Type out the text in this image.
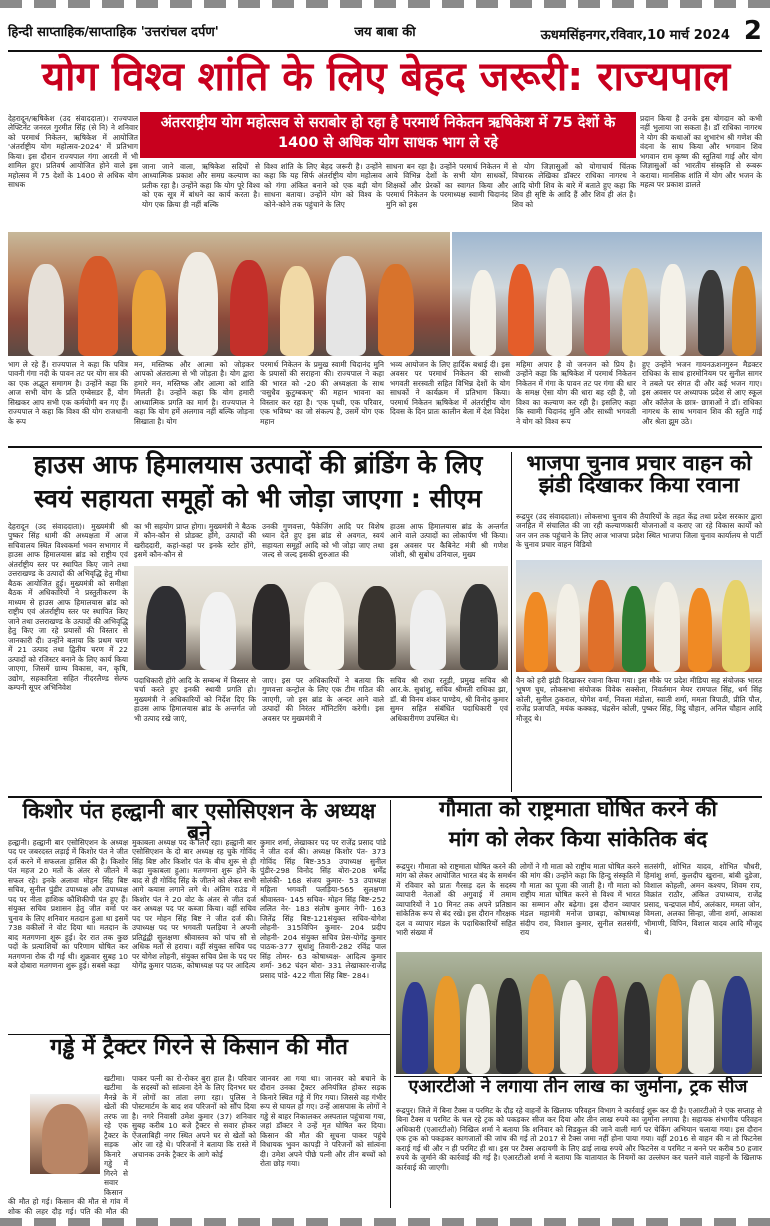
हिन्दी साप्ताहिक/साप्ताहिक 'उत्तरांचल दर्पण'	जय बाबा की	ऊधमसिंहनगर,रविवार,10 मार्च 2024 2
योग विश्व शांति के लिए बेहद जरूरी: राज्यपाल
देहरादून/ऋषिकेश (उद संवाददाता)। राज्यपाल लेफ्टिनेंट जनरल गुरमीत सिंह (से नि) ने शनिवार को परमार्थ निकेतन, ऋषिकेश में आयोजित 'अंतर्राष्ट्रीय योग महोत्सव-2024' में प्रतिभाग किया। इस दौरान राज्यपाल गंगा आरती में भी शामिल हुए। प्रतिवर्ष आयोजित होने वाले इस महोत्सव में 75 देशों के 1400 से अधिक योग साधक
अंतरराष्ट्रीय योग महोत्सव से सराबोर हो रहा है परमार्थ निकेतन ऋषिकेश में 75 देशों के 1400 से अधिक योग साधक भाग ले रहे
जाना जाने वाला, ऋषिकेश सदियों से आध्यात्मिक प्रकाश और समग्र कल्याण का प्रतीक रहा है। उन्होंने कहा कि योग पूरे विश्व को एक सूत्र में बांधने का कार्य करता है। योग एक क्रिया ही नहीं बल्कि
विश्व शांति के लिए बेहद जरूरी है। उन्होंने कहा कि यह सिर्फ अंतर्राष्ट्रीय योग महोत्सव को गंगा अंकित बनाने को एक बड़ी योग साधना बताया। उन्होंने योग को विश्व के कोने-कोने तक पहुंचाने के लिए
साधना बन रहा है। उन्होंने परमार्थ निकेतन में आये विभिन्न देशों के सभी योग साधकों, शिक्षकों और प्रेरकों का स्वागत किया और परमार्थ निकेतन के परमाध्यक्ष स्वामी चिदानंद मुनि को इस
से योग जिज्ञासुओं को योगाचार्य चिंतक विचारक लेखिका डॉक्टर राधिका नागरथ ने आदि योगी शिव के बारे में बताते हुए कहा कि शिव ही सृष्टि के आदि हैं और शिव ही अंत है। शिव को
प्रदान किया है उनके इस योगदान को कभी नहीं भुलाया जा सकता है। डॉ राधिका नागरथ ने योग की कथाओं का शुभारंभ श्री गणेश की वंदना के साथ किया और भगवान शिव भगवान राम कृष्ण की स्तुतियां गाई और योग जिज्ञासुओं को भारतीय संस्कृति से रूबरू कराया। मानसिक शांति में योग और भजन के महत्व पर प्रकाश डालते
भाग ले रहे हैं। राज्यपाल ने कहा कि पवित्र पावनी गंगा नदी के पावन तट पर योग सत्र की का एक अद्भुत समागम है। उन्होंने कहा कि आज सभी योग के प्रति एम्बेसडर हैं, योग सिखकर आप सभी एक कर्मयोगी बन गए हैं। राज्यपाल ने कहा कि विश्व की योग राजधानी के रूप
मन, मस्तिष्क और आत्मा को जोड़कर आपको अंतरात्मा से भी जोड़ता है। योग द्वारा हमारे मन, मस्तिष्क और आत्मा को शांति मिलती है। उन्होंने कहा कि योग हमारी आध्यात्मिक प्रगति का मार्ग है। राज्यपाल ने कहा कि योग हमें अलगाव नहीं बल्कि जोड़ना सिखाता है। योग
परमार्थ निकेतन के प्रमुख स्वामी चिदानंद मुनि के प्रयासों की सराहना की। राज्यपाल ने कहा की भारत को -20 की अध्यक्षता के साथ 'वसुधैव कुटुम्बकम्' की महान भावना का विस्तार कर रहा है। 'एक पृथ्वी, एक परिवार, एक भविष्य' का जो संकल्प है, उसमें योग एक महान
भव्य आयोजन के लिए हार्दिक बधाई दी। इस अवसर पर परमार्थ निकेतन की साध्वी भगवती सरस्वती सहित विभिन्न देशों के योग साधकों ने कार्यक्रम में प्रतिभाग किया। परमार्थ निकेतन ऋषिकेश में अंतर्राष्ट्रीय योग दिवस के दिन प्रातः कालीन बेला में देश विदेश
महिमा अपार है वो जनजन को प्रिय है। उन्होंने कहा कि ऋषिकेश में परमार्थ निकेतन निकेतन में गंगा के पावन तट पर गंगा की धार के समक्ष ऐसा योग की धारा बह रही है, जो विश्व का कल्याण कर रही है। इसलिए कहा कि स्वामी चिदानंद मुनि और साध्वी भगवती ने योग को विश्व रूप
हुए उन्होंने भजन गायनऊशनगुरुन मैडक्टर राधिका के साथ हारमोनियम पर सुनील सागर ने तबले पर संगत दी और कई भजन गाए। इस अवसर पर अध्यापक प्रदेश से आए स्कूल और कॉलेज के छात्र- छात्राओं ने डॉ। राधिका नागरथ के साथ भगवान शिव की स्तुति गाई और श्रेता झूम उठे।
हाउस आफ हिमालयास उत्पादों की ब्रांडिंग के लिए
स्वयं सहायता समूहों को भी जोड़ा जाएगा : सीएम
देहरादून (उद संवाददाता)। मुख्यमंत्री श्री पुष्कर सिंह धामी की अध्यक्षता में आज सचिवालय स्थित विश्वकर्मा भवन सभागार में हाउस आफ हिमालयास ब्रांड को राष्ट्रीय एवं अंतर्राष्ट्रीय स्तर पर स्थापित किए जाने तथा उत्तराखण्ड के उत्पादों की अभिवृद्धि हेतु मीथा बैठक आयोजित हुई। मुख्यमंत्री को समीक्षा बैठक में अधिकारियों ने प्रस्तुतीकरण के माध्यम से हाउस आफ हिमालयास ब्रांड को राष्ट्रीय एवं अंतर्राष्ट्रीय स्तर पर स्थापित किए जाने तथा उत्तराखण्ड के उत्पादों की अभिवृद्धि हेतु किए जा रहे प्रयासों की विस्तार से जानकारी दी। उन्होंने बताया कि प्रथम चरण में 21 उत्पाद तथा द्वितीय चरण में 22 उत्पादों को रजिस्टर बनाने के लिए कार्य किया जाएगा, जिसमें ग्राम्य विकास, वन, कृषि, उद्योग, सहकारिता सहित नीदरलैण्ड सेल्फ कम्पनी सूपर अभिनिवेश
का भी सहयोग प्राप्त होगा। मुख्यमंत्री ने बैठक में कौन-कौन से प्रोडक्ट होंगे, उत्पादों की खरीददारी, कहां-कहां पर इनके स्टोर होंगे, इसमें कौन-कौन से
उनकी गुणवत्ता, पैकेजिंग आदि पर विशेष ध्यान देते हुए इस ब्रांड से अवगत, स्वयं सहायता समूहों आदि को भी जोड़ा जाए तथा जल्द से जल्द इसकी शुरुआत की
हाउस आफ हिमालयास ब्रांड के अन्तर्गत आने वाले उत्पादों का लोकार्पण भी किया। इस अवसर पर कैबिनेट मंत्री श्री गणेश जोशी, श्री सुबोध उनियाल, मुख्य
पदाधिकारी होंगे आदि के सम्बन्ध में विस्तार से चर्चा करते हुए इनकी स्थायी प्रगति हो। मुख्यमंत्री ने अधिकारियों को निर्देश दिए कि हाउस आफ हिमालयास ब्रांड के अन्तर्गत जो भी उत्पाद रखे जाएं,
जाए। इस पर अधिकारियों ने बताया कि गुणवत्ता कन्ट्रोल के लिए एक टीम गठित की जाएगी, जो इस ब्रांड के अन्दर आने वाले उत्पादों की निरंतर मॉनिटरिंग करेगी। इस अवसर पर मुख्यमंत्री ने
सचिव श्री राधा रतूड़ी, प्रमुख सचिव श्री आर.के. सुधांशु, सचिव श्रीमती राधिका झा, डॉ. बी विनय शंकर पाण्डेय, श्री विनोद कुमार सुमन सहित संबंधित पदाधिकारी एवं अधिकारीगण उपस्थित थे।
भाजपा चुनाव प्रचार वाहन को झंडी दिखाकर किया रवाना
रूद्रपुर (उद संवाददाता)। लोकसभा चुनाव की तैयारियों के तहत केंद्र तथा प्रदेश सरकार द्वारा जनहित में संचालित की जा रही कल्याणकारी योजनाओं व कराए जा रहे विकास कार्यों को जन जन तक पहुंचाने के लिए आज भाजपा प्रदेश स्थित भाजपा जिला चुनाव कार्यालय से पार्टी के चुनाव प्रचार वाहन विडियो
वैन को हरी झंडी दिखाकर रवाना किया गया। इस मौके पर प्रदेश मीडिया सह संयोजक भारत भूषण चुघ, लोकसभा संयोजक विवेक सक्सेना, निवर्तमान मेयर रामपाल सिंह, धर्म सिंह कोली, सुनील ठुकराल, योगेश वर्मा, निवला मंडोला, स्वाती शर्मा, ममता त्रिपाठी, प्रीति पौल, राजेंद्र प्रजापति, मयंक कक्कड़, चंद्रसेन कोली, पुष्कर सिंह, विट्ठू चौहान, अनिल चौहान आदि मौजूद थे।
किशोर पंत हल्द्वानी बार एसोसिएशन के अध्यक्ष बने
हल्द्वानी। हल्द्वानी बार एसोसिएशन के अध्यक्ष पद पर जबरदस्त लड़ाई में किशोर पंत ने जीत दर्ज करने में सफलता हासिल की है। किशोर पंत महज 20 मतों के अंतर से जीतने में सफल रहे। इनके अलावा मोहन सिंह बिष्ट सचिव, सुनील पुंडीर उपाध्यक्ष और उपाध्यक्ष पद पर नीता हाशिक कौशिकीपी पंत हुए हैं। संयुक्त सचिव प्रशासन हेतु जीत वर्मा पर चुनाव के लिए शनिवार मतदान हुआ था इसमें 738 वकीलों ने वोट दिया था। मतदान के बाद मतगणना शुरू हुई। देर रात तक कुछ पदों के प्रत्याशियों का परिणाम घोषित कर मतगणना रोक दी गई थी। शुक्रवार सुबह 10 बजे दोबारा मतगणना शुरू हुई। सबसे कड़ा
मुकाबला अध्यक्ष पद के लिए रहा। हल्द्वानी बार एसोसिएशन के दो बार अध्यक्ष रह चुके गोविंद सिंह बिष्ट और किशोर पंत के बीच शुरू से ही कड़ा मुकाबला हुआ। मतगणना शुरू होने के बाद से ही गोविंद सिंह के जीतने को लेकर सभी आगे कयास लगाने लगे थे। अंतिम राउंड में किशोर पंत ने 20 वोट के अंतर से जीत दर्ज कर अध्यक्ष पद पर कब्जा किया। वहीं सचिव पद पर मोहन सिंह बिष्ट ने जीत दर्ज की। उपाध्यक्ष पद पर भगवती पलड़िया ने अपनी प्रतिद्वंद्वी सुलक्षणा श्रीवास्तव को पांच सौ से अधिक मतों से हराया। वहीं संयुक्त सचिव पद पर योगेश लोहनी, संयुक्त सचिव प्रेस के पद पर योगेंद्र कुमार पाठक, कोषाध्यक्ष पद पर आदित्य
कुमार शर्मा, लेखाकार पद पर राजेंद्र प्रसाद पांडे ने जीत दर्ज की। अध्यक्ष किशोर पंत- 373 गोविंद सिंह बिष्ट-353 उपाध्यक्ष सुनील पुंडीर-298 विनोद सिंह बोरा-208 धर्मेंद्र सोलंकी- 168 संजय कुमार- 53 उपाध्यक्ष महिला भगवती पलड़िया-565 सुलक्षणा श्रीवास्तव- 145 सचिव- मोहन सिंह बिष्ट-252 ललित नेर- 183 संतोष कुमार नेगी- 163 जितेंद्र सिंह बिष्ट-121संयुक्त सचिव-योगेश लोहनी- 315विपिन कुमार- 204 प्रदीप लोहनी- 204 संयुक्त सचिव प्रेस-योगेंद्र कुमार पाठक-377 सुधांशु तिवारी-282 रविंद्र पाल सिंह तोमर- 63 कोषाध्यक्ष- आदित्य कुमार शर्मा- 362 चंदन बोरा- 331 लेखाकार-राजेंद्र प्रसाद पांडे- 422 गीता सिंह बिष्ट- 284।
गौमाता को राष्ट्रमाता घोषित करने की
मांग को लेकर किया सांकेतिक बंद
रूद्रपुर। गौमाता को राष्ट्रमाता घोषित करने की मांग को लेकर आयोजित भारत बंद के समर्थन में रविवार को प्रातः गैरसड़ दल के सदस्य व्यापारी नेताओं की अगुवाई में तमाम व्यापारियों ने 10 मिनट तक अपने प्रतिष्ठान सांकेतिक रूप से बंद रखे। इस दौरान गौरक्षक दल व व्यापार मंडल के पदाधिकारियों सहित भारी संख्या में
लोगों ने गौ माता को राष्ट्रीय माता घोषित करने की मांग की। उन्होंने कहा कि हिन्दु संस्कृति में गौ माता का पूजा की जाती है। गौ माता को राष्ट्रीय माता घोषित करने से विश्व में भारत का सम्मान और बढ़ेगा। इस दौरान व्यापार मंडल महामंत्री मनोज छाबड़ा, कोषाध्यक्ष संदीप राव, विशाल कुमार, सुनील सतसंगी, राय
सतसंगी, शोभित यादव, शोभित चौधरी, हिमांशु शर्मा, कुलदीप खुराना, बांबी दुडेजा, विशाल कोहली, अमन कश्यप, शिवम राय, विक्रांत राठौर, अंकित उपाध्याय, राजेंद्र प्रसाद, चन्द्रपाल मौर्य, अलंकार, ममता जोन, विमला, अलका सिन्हा, जीना शर्मा, आकाश भीमाणी, विपिन, विशाल यादव आदि मौजूद थे।
गड्ढे में ट्रैक्टर गिरने से किसान की मौत
खटीमा। खटीमा मैनन्ने के खेतों की तरफ जा रहे एक ट्रैक्टर के सड़क किनारे गड्ढे में गिरने से सवार किसान की मौत हो गई। किसान की मौत से गांव में शोक की लहर दौड़ गई। पति की मौत की
पाकर पत्नी का रो-रोकर बुरा हाल है। परिवार के सदस्यों को सांत्वना देने के लिए दिनभर घर में लोगों का तांता लगा रहा। पुलिस ने पोस्टमार्टम के बाद शव परिजनों को सौंप दिया है। नगरे निवासी उमेश कुमार (37) शनिवार सुबह करीब 10 बजे ट्रैक्टर से सवार होकर ऐंजलाबिही नगर स्थित अपने घर से खेतों को ओर जा रहे थे। परिजनों ने बताया कि रास्ते में अचानक उनके ट्रैक्टर के आगे कोई
जानवर आ गया था। जानवर को बचाने के दौरान उनका ट्रैक्टर अनियंत्रित होकर सड़क किनारे स्थित गड्ढे में गिर गया। जिससे वह गंभीर रूप से घायल हो गए। उन्हें आसपास के लोगों ने गड्ढे से बाहर निकालकर अस्पताल पहुंचाया गया, जहां डॉक्टर ने उन्हें मृत घोषित कर दिया। किसान की मौत की सूचना पाकर पहुंचे विधायक भुवन कापड़ी ने परिजनों को सांत्वना दी। उमेश अपने पीछे पत्नी और तीन बच्चों को रोता छोड़ गया।
एआरटीओ ने लगाया तीन लाख का जुर्माना, ट्रक सीज
रूद्रपुर। जिले में बिना टैक्स व परमिट के दौड़ रहे वाहनों के खिलाफ परिवहन विभाग ने कार्रवाई शुरू कर दी है। एआरटीओ ने एक सप्ताह से बिना टैक्स व परमिट के चल रहे ट्रक को पकड़कर सीज कर दिया और तीन लाख रुपये का जुर्माना लगाया है। सहायक संभागीय परिवहन अधिकारी (एआरटीओ) निखिल शर्मा ने बताया कि शनिवार को सिडकुल की जाने वाली मार्ग पर चेकिंग अभियान चलाया गया। इस दौरान एक ट्रक को पकड़कर कागजातों की जांच की गई तो 2017 से टैक्स जमा नहीं होना पाया गया। वहीं 2016 से वाहन की न तो फिटनेस कराई गई थी और न ही परमिट ही था। इस पर टैक्स अदायगी के लिए ढाई लाख रुपये और फिटनेस व परमिट न बनने पर करीब 50 हजार रुपये के जुर्माने की कार्रवाई की गई है। एआरटीओ शर्मा ने बताया कि यातायात के नियमों का उल्लंघन कर चलने वाले वाहनों के खिलाफ कार्रवाई की जाएगी।
